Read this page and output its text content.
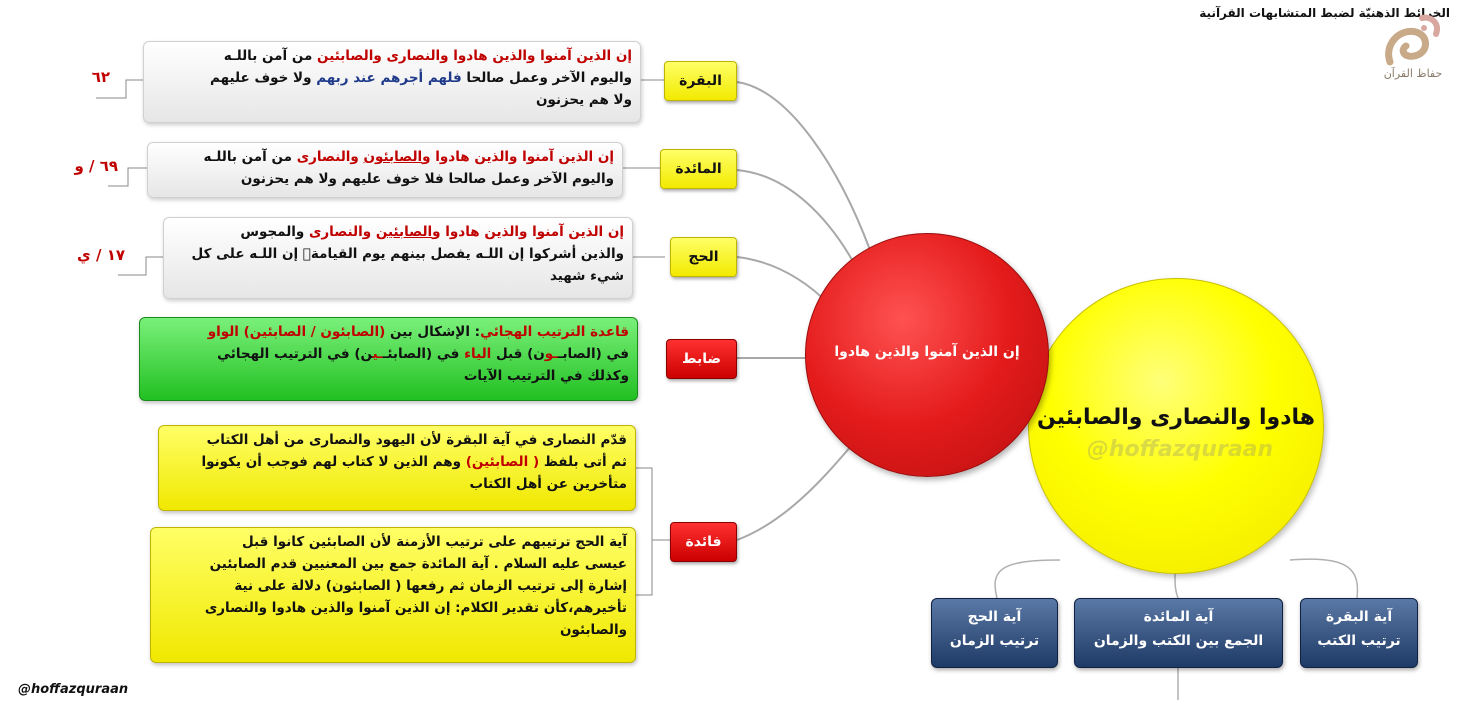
الخرائط الذهنيّة لضبط المتشابهات القرآنية
@hoffazquraan
حفاظ القرآن
هادوا والنصارى والصابئين
@hoffazquraan
إن الذين آمنوا والذين هادوا
البقرة
إن الذين آمنوا والذين هادوا والنصارى والصابئين من آمن باللـه
واليوم الآخر وعمل صالحا فلهم أجرهم عند ربهم ولا خوف عليهم
ولا هم يحزنون
٦٢
المائدة
إن الذين آمنوا والذين هادوا والصابئون والنصارى من آمن باللـه
واليوم الآخر وعمل صالحا فلا خوف عليهم ولا هم يحزنون
٦٩ / و
الحج
إن الذين آمنوا والذين هادوا والصابئين والنصارى والمجوس
والذين أشركوا إن اللـه يفصل بينهم يوم القيامةۚ إن اللـه على كل
شيء شهيد
١٧ / ي
ضابط
قاعدة الترتيب الهجائي: الإشكال بين (الصابئون / الصابئين) الواو
في (الصابــون) قبل الياء في (الصابئــين) في الترتيب الهجائي
وكذلك في الترتيب الآيات
فائدة
قدّم النصارى في آية البقرة لأن اليهود والنصارى من أهل الكتاب
ثم أتى بلفظ ( الصابئين) وهم الذين لا كتاب لهم فوجب أن يكونوا
متأخرين عن أهل الكتاب
آية الحج ترتيبهم على ترتيب الأزمنة لأن الصابئين كانوا قبل
عيسى عليه السلام . آية المائدة جمع بين المعنيين قدم الصابئين
إشارة إلى ترتيب الزمان ثم رفعها ( الصابئون) دلالة على نية
تأخيرهم،كأن تقدير الكلام: إن الذين آمنوا والذين هادوا والنصارى
والصابئون
آية البقرة
ترتيب الكتب
آية المائدة
الجمع بين الكتب والزمان
آية الحج
ترتيب الزمان
